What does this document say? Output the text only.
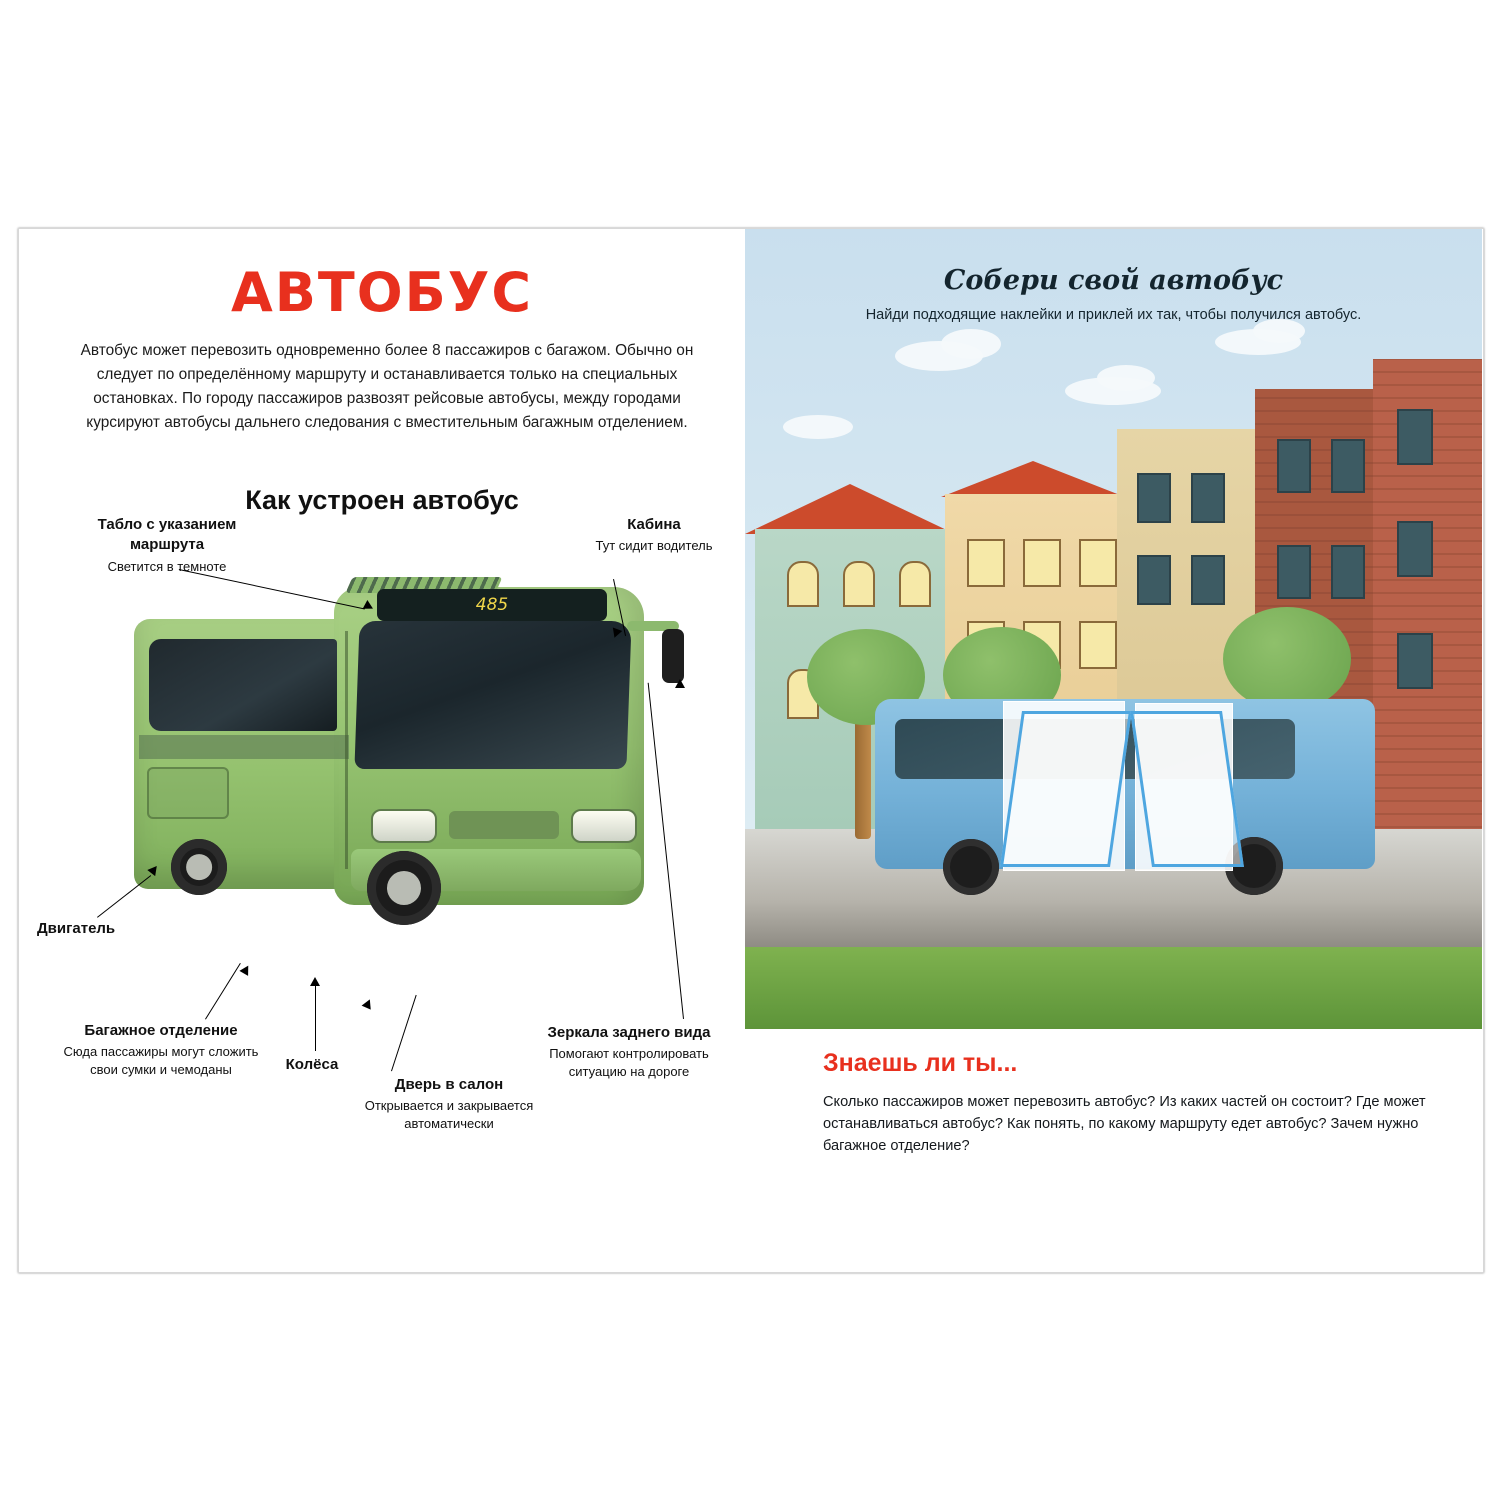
АВТОБУС
Автобус может перевозить одновременно более 8 пассажиров с багажом. Обычно он следует по определённому маршруту и останавливается только на специальных остановках. По городу пассажиров развозят рейсовые автобусы, между городами курсируют автобусы дальнего следования с вместительным багажным отделением.
Как устроен автобус
485
Табло с указанием маршрута
Светится в темноте
Кабина
Тут сидит водитель
Двигатель
Багажное отделение
Сюда пассажиры могут сложить свои сумки и чемоданы	Колёса
Дверь в салон
Открывается и закрывается автоматически
Зеркала заднего вида
Помогают контролировать ситуацию на дороге
Собери свой автобус
Найди подходящие наклейки и приклей их так, чтобы получился автобус.
Знаешь ли ты...
Сколько пассажиров может перевозить автобус? Из каких частей он состоит? Где может останавливаться автобус? Как понять, по какому маршруту едет автобус? Зачем нужно багажное отделение?
